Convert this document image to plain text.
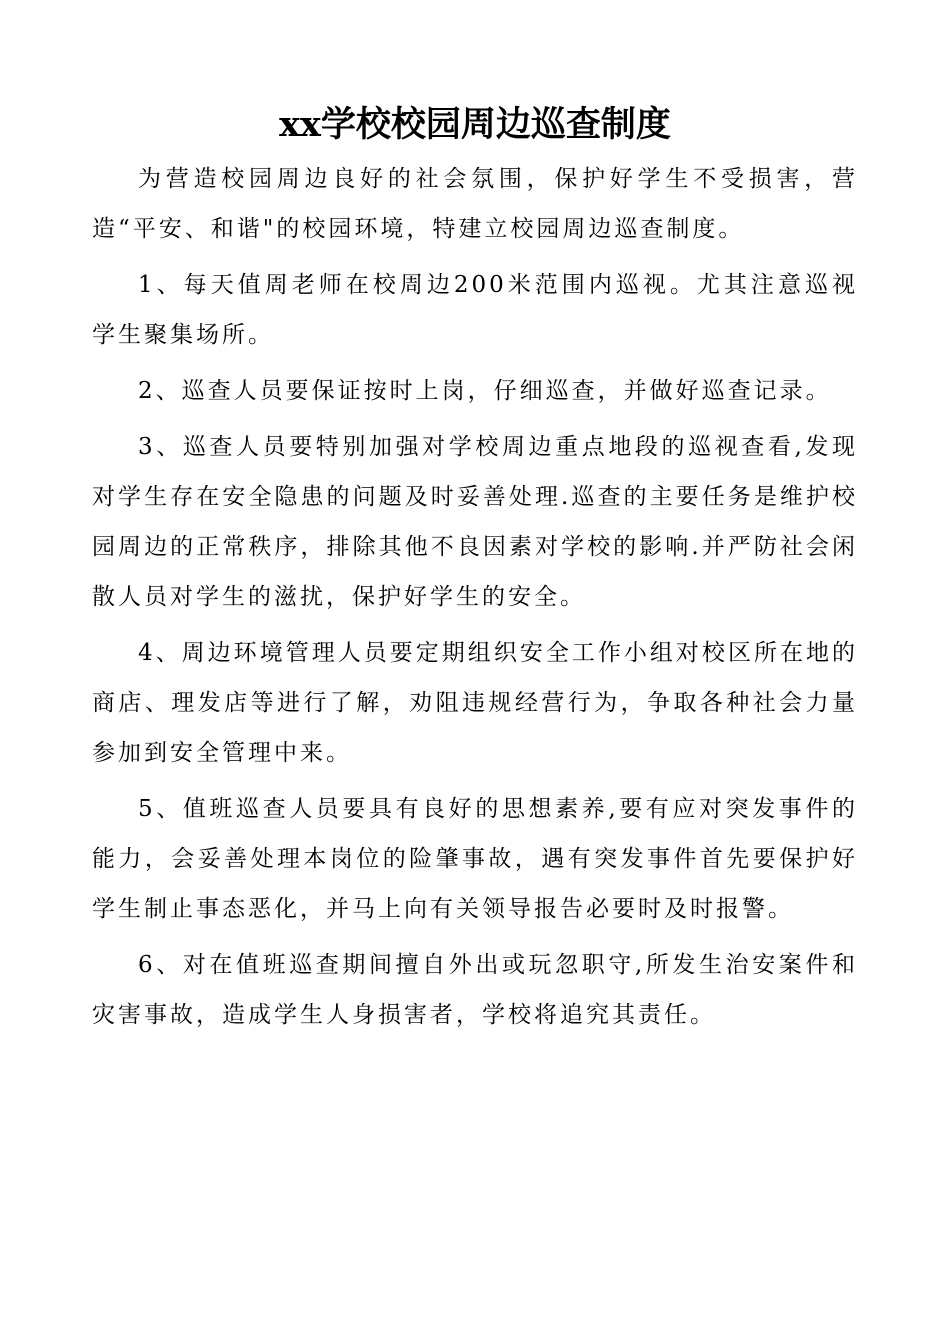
xx学校校园周边巡查制度

为营造校园周边良好的社会氛围，保护好学生不受损害，营造“平安、和谐"的校园环境，特建立校园周边巡查制度。

1、每天值周老师在校周边200米范围内巡视。尤其注意巡视学生聚集场所。

2、巡查人员要保证按时上岗，仔细巡查，并做好巡查记录。

3、巡查人员要特别加强对学校周边重点地段的巡视查看,发现对学生存在安全隐患的问题及时妥善处理.巡查的主要任务是维护校园周边的正常秩序，排除其他不良因素对学校的影响.并严防社会闲散人员对学生的滋扰，保护好学生的安全。

4、周边环境管理人员要定期组织安全工作小组对校区所在地的商店、理发店等进行了解，劝阻违规经营行为，争取各种社会力量参加到安全管理中来。

5、值班巡查人员要具有良好的思想素养,要有应对突发事件的能力，会妥善处理本岗位的险肇事故，遇有突发事件首先要保护好学生制止事态恶化，并马上向有关领导报告必要时及时报警。

6、对在值班巡查期间擅自外出或玩忽职守,所发生治安案件和灾害事故，造成学生人身损害者，学校将追究其责任。
